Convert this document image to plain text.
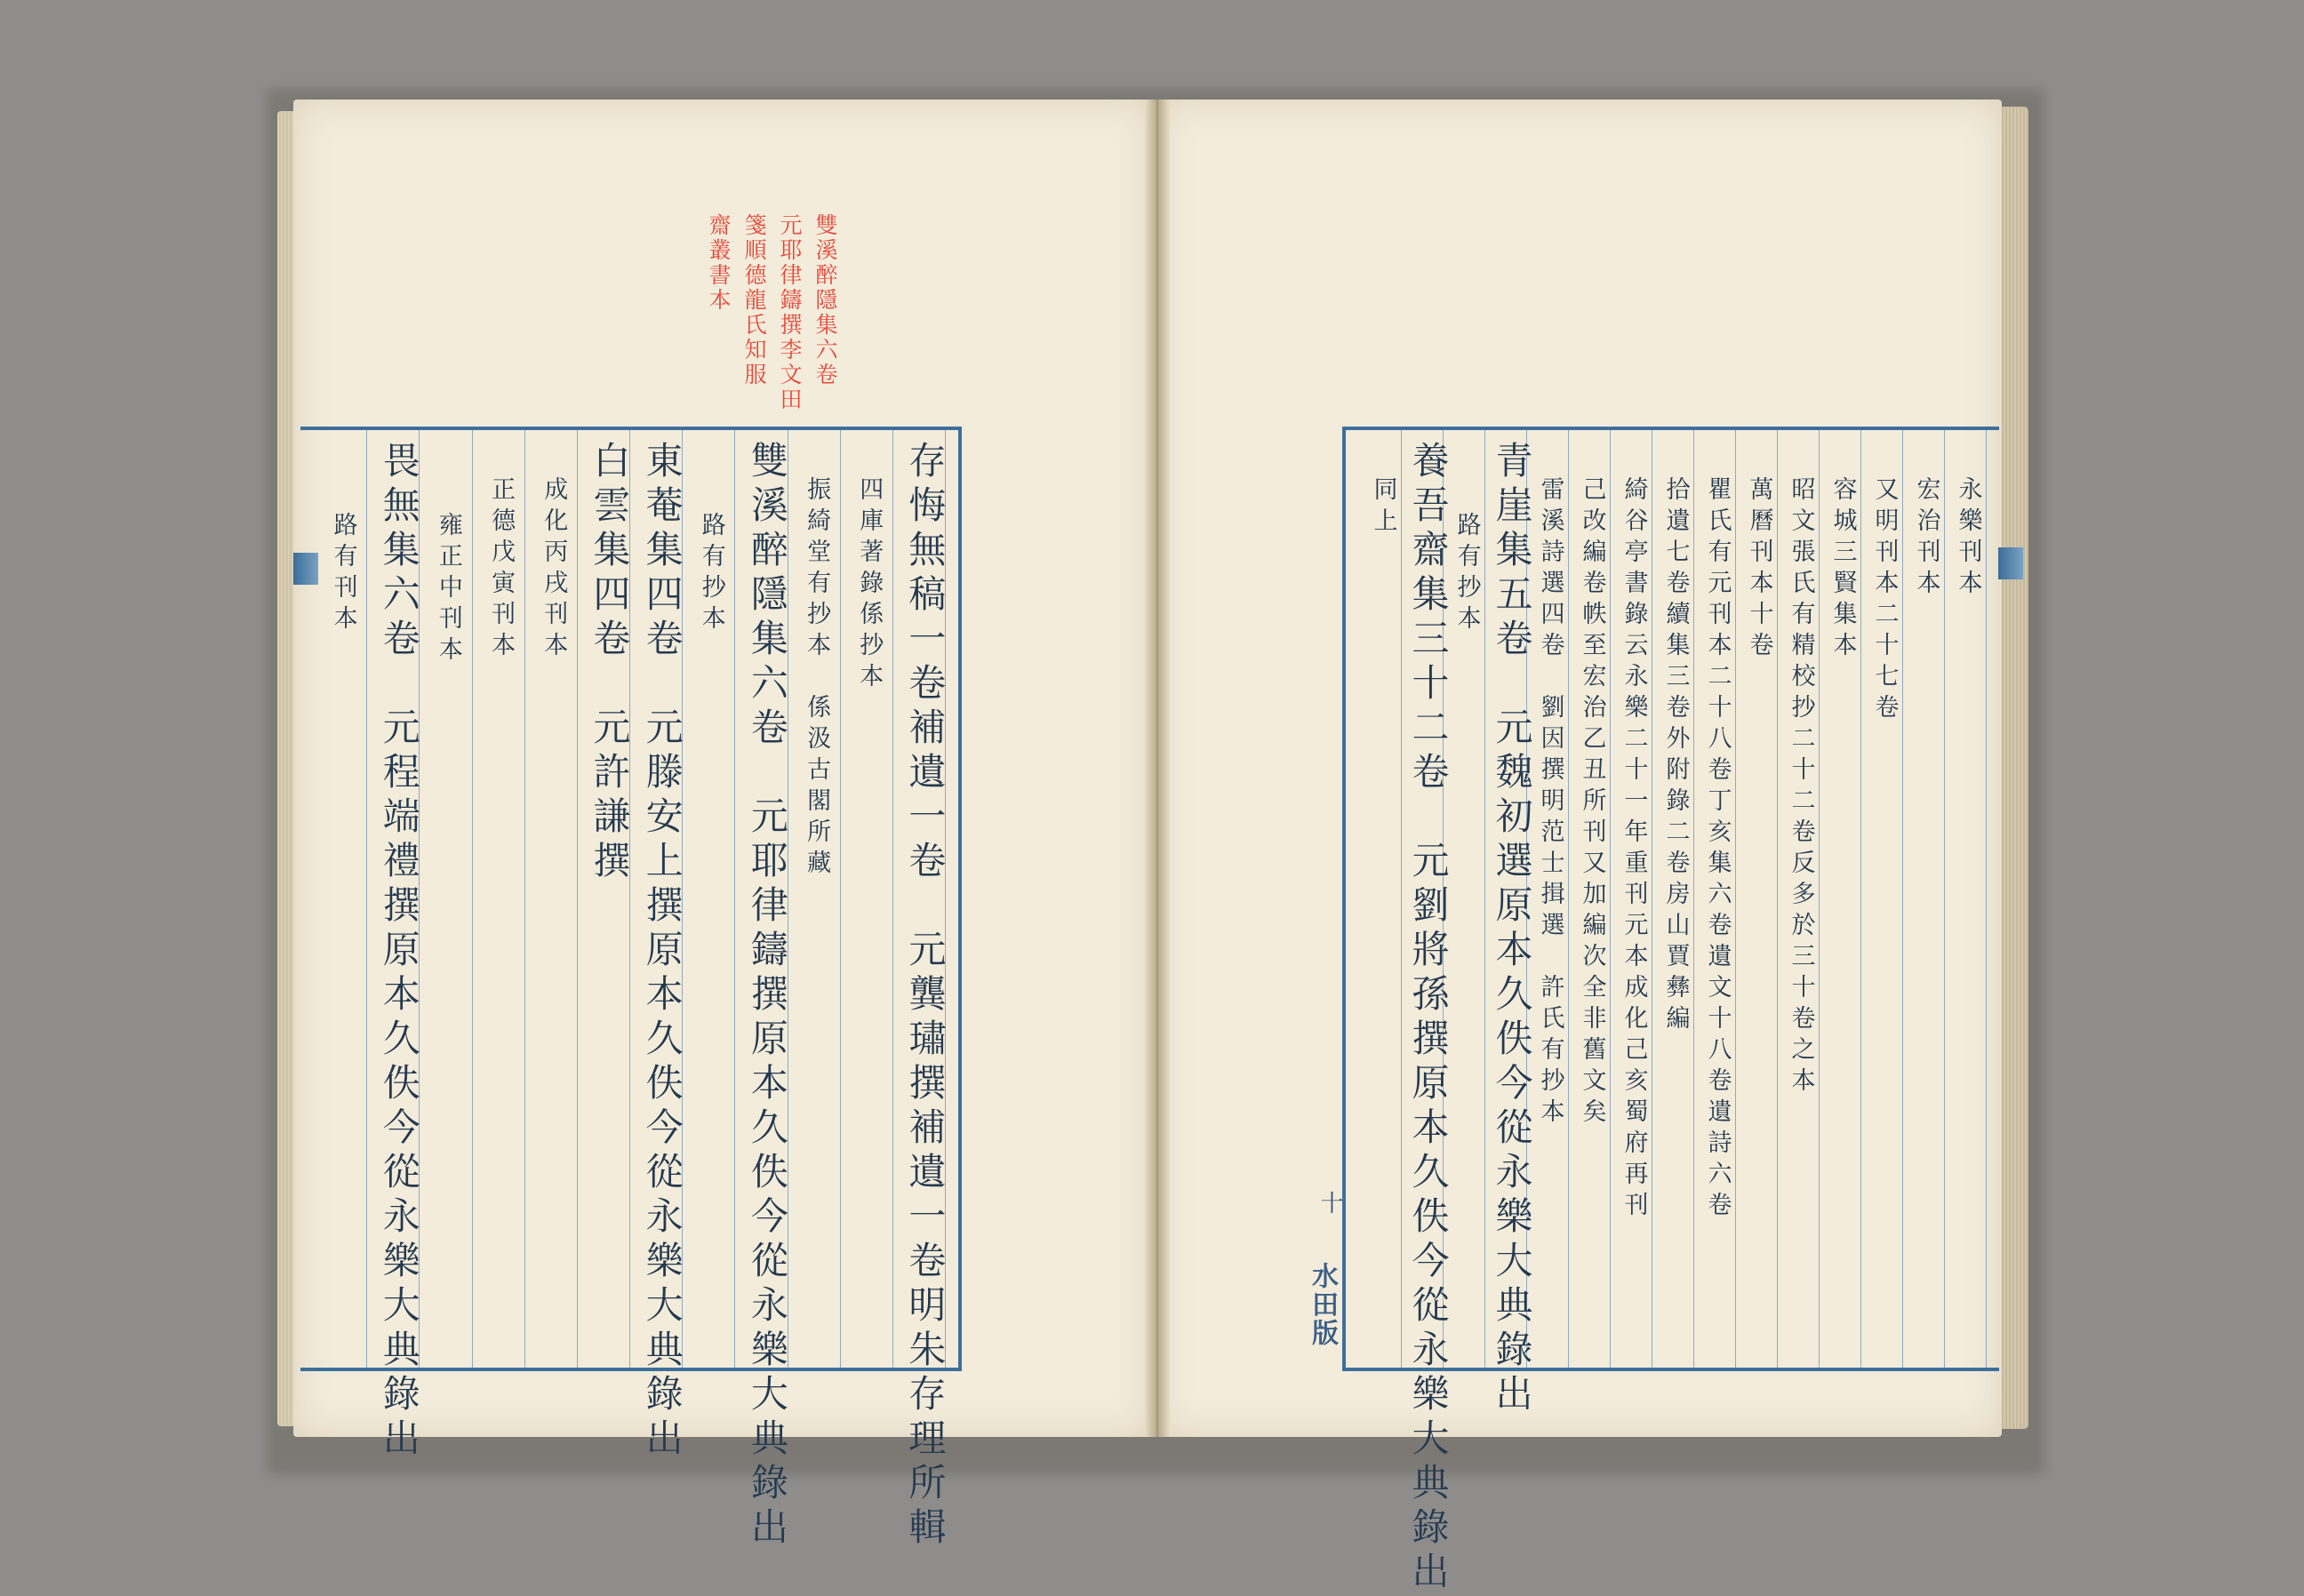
雙溪醉隱集六卷
元耶律鑄撰李文田
箋順德龍氏知服
齋叢書本
存悔無稿一卷補遺一卷　元龔璛撰補遺一卷明朱存理所輯
四庫著錄係抄本
振綺堂有抄本　係汲古閣所藏
雙溪醉隱集六卷　元耶律鑄撰原本久佚今從永樂大典錄出
路有抄本
東菴集四卷　元滕安上撰原本久佚今從永樂大典錄出
白雲集四卷　元許謙撰
成化丙戌刊本
正德戊寅刊本
雍正中刊本
畏無集六卷　元程端禮撰原本久佚今從永樂大典錄出
路有刊本	永樂刊本
宏治刊本
又明刊本二十七卷
容城三賢集本
昭文張氏有精校抄二十二卷反多於三十卷之本
萬曆刊本十卷
瞿氏有元刊本二十八卷丁亥集六卷遺文十八卷遺詩六卷
拾遺七卷續集三卷外附錄二卷房山賈彝編
綺谷亭書錄云永樂二十一年重刊元本成化己亥蜀府再刊
己改編卷帙至宏治乙丑所刊又加編次全非舊文矣
雷溪詩選四卷　劉因撰明范士揖選　許氏有抄本
青崖集五卷　元魏初選原本久佚今從永樂大典錄出
路有抄本
養吾齋集三十二卷　元劉將孫撰原本久佚今從永樂大典錄出
同上
十
水田版
